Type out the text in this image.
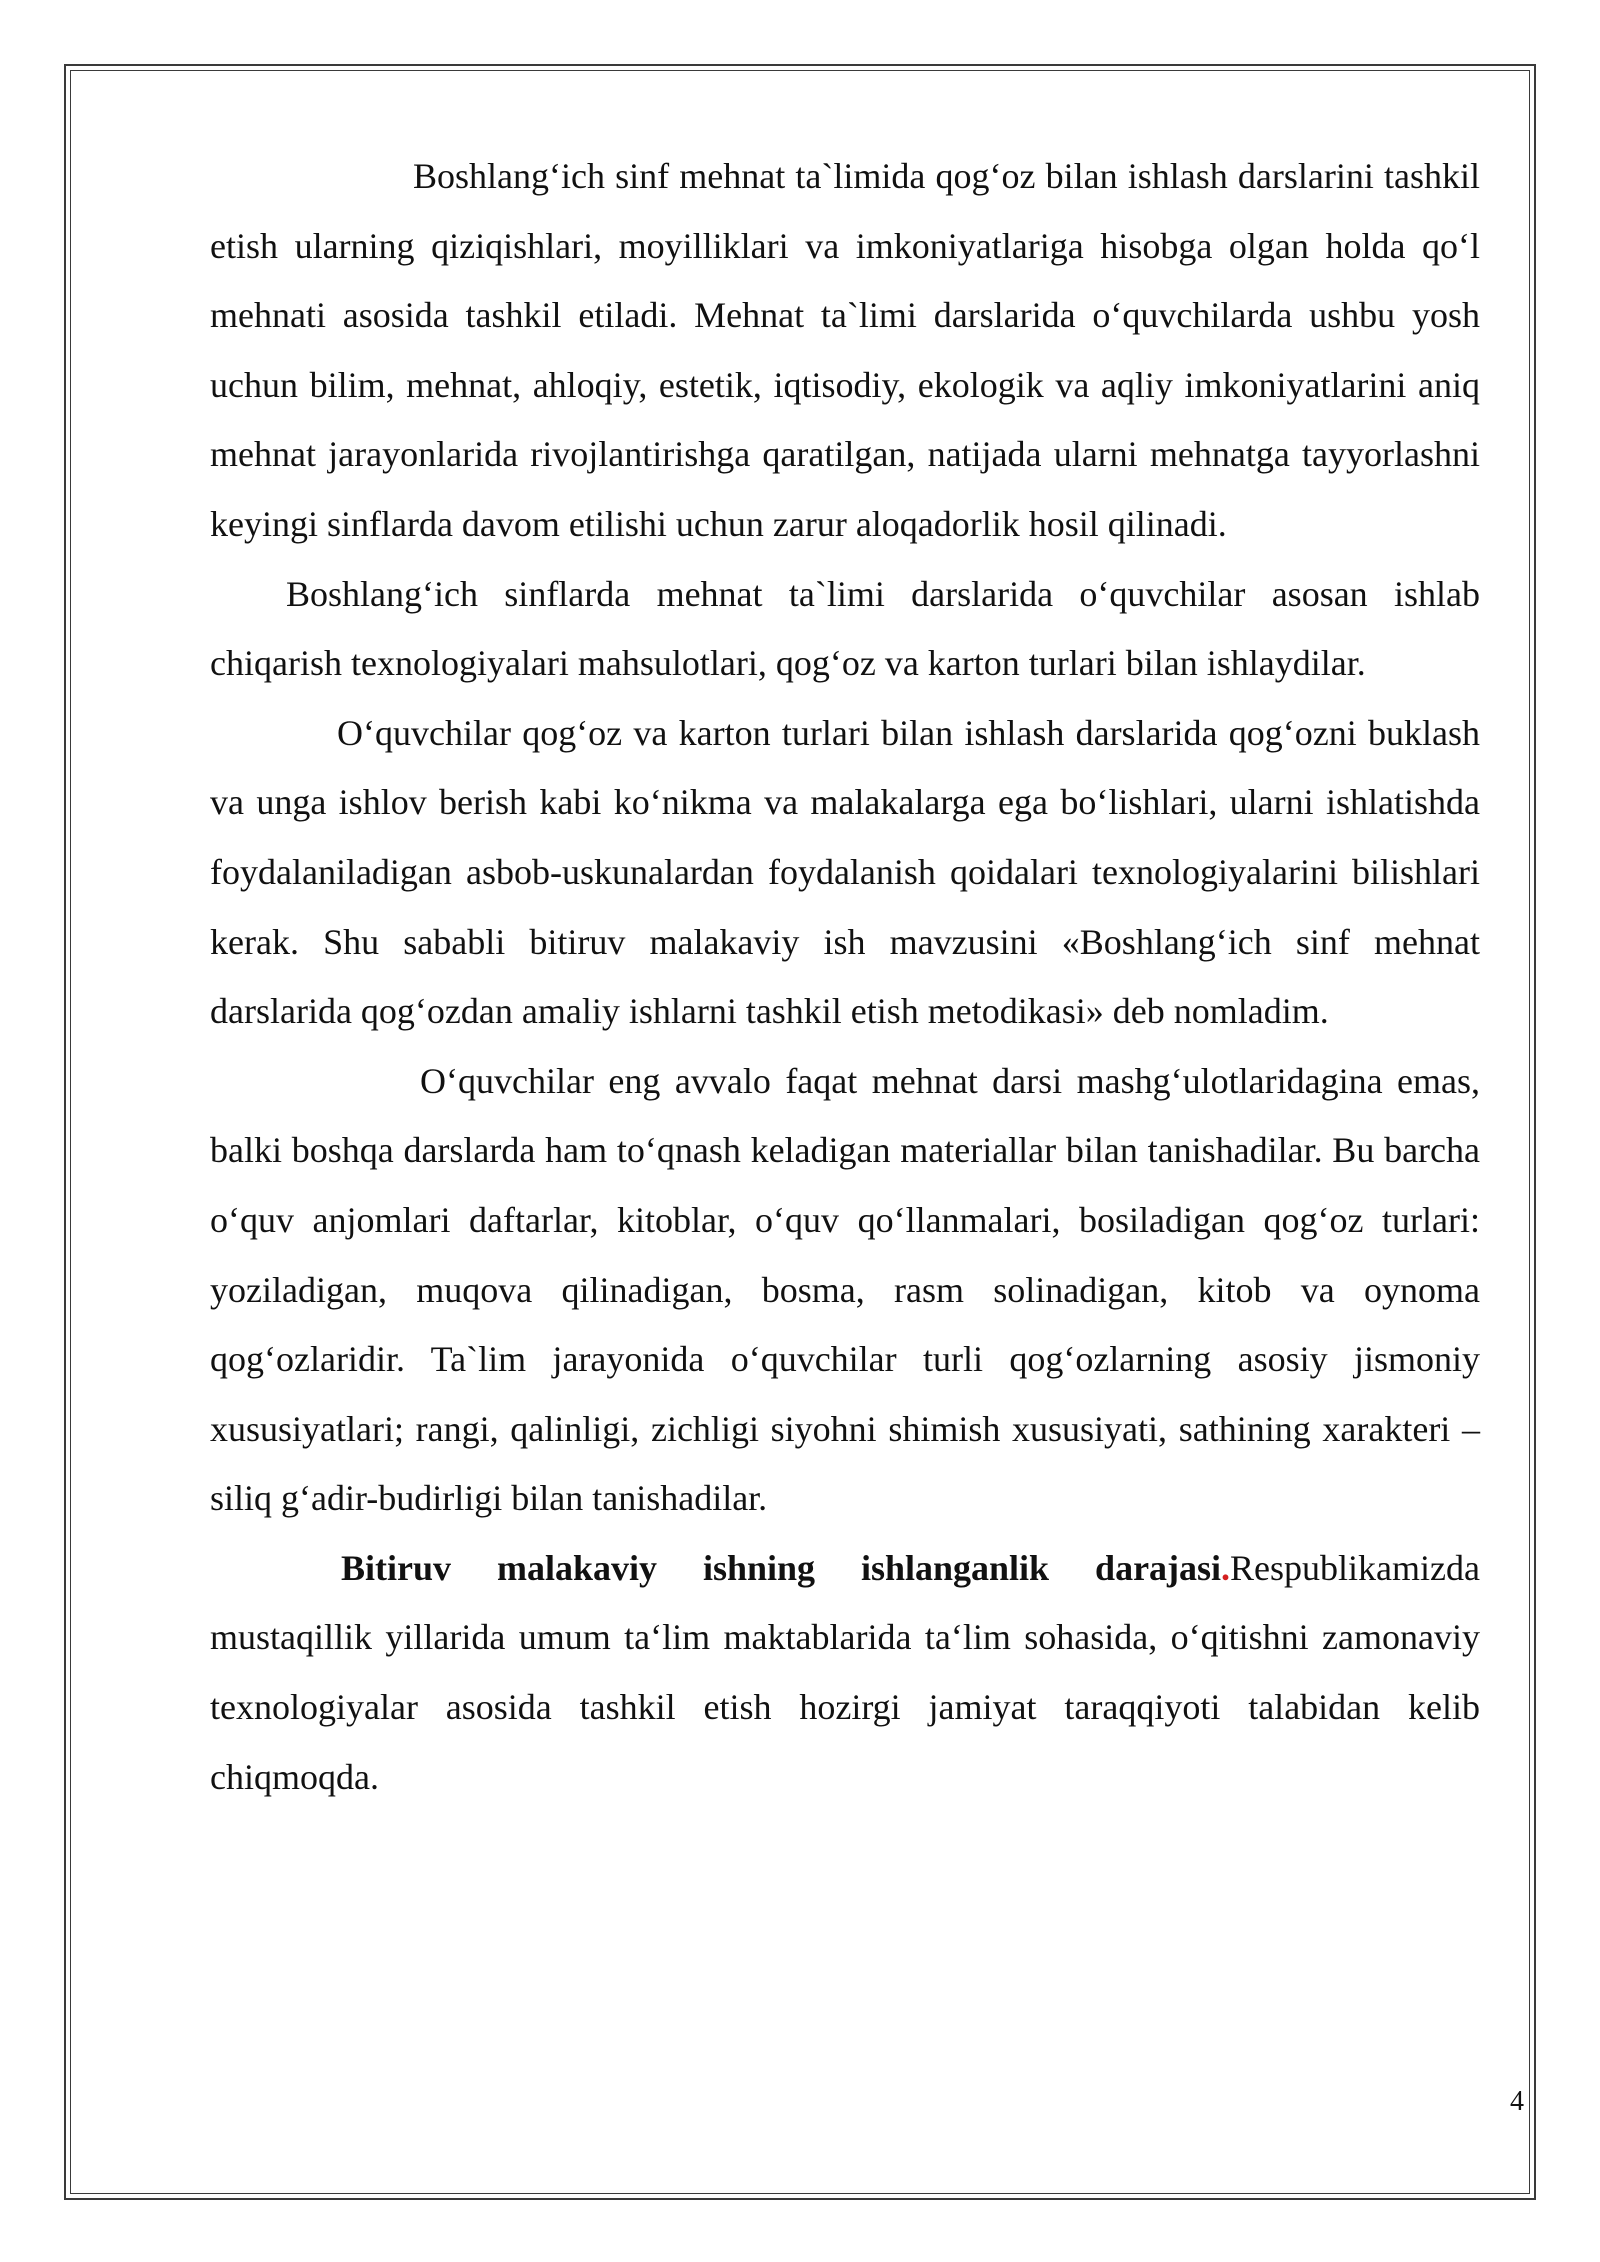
Boshlang‘ich sinf mehnat ta`limida qog‘oz bilan ishlash darslarini tashkil etish ularning qiziqishlari, moyilliklari va imkoniyatlariga hisobga olgan holda qo‘l mehnati asosida tashkil etiladi. Mehnat ta`limi darslarida o‘quvchilarda ushbu yosh uchun bilim, mehnat, ahloqiy, estetik, iqtisodiy, ekologik va aqliy imkoniyatlarini aniq mehnat jarayonlarida rivojlantirishga qaratilgan, natijada ularni mehnatga tayyorlashni keyingi sinflarda davom etilishi uchun zarur aloqadorlik hosil qilinadi.

Boshlang‘ich sinflarda mehnat ta`limi darslarida o‘quvchilar asosan ishlab chiqarish texnologiyalari mahsulotlari, qog‘oz va karton turlari bilan ishlaydilar.

O‘quvchilar qog‘oz va karton turlari bilan ishlash darslarida qog‘ozni buklash va unga ishlov berish kabi ko‘nikma va malakalarga ega bo‘lishlari, ularni ishlatishda foydalaniladigan asbob-uskunalardan foydalanish qoidalari texnologiyalarini bilishlari kerak. Shu sababli bitiruv malakaviy ish mavzusini «Boshlang‘ich sinf mehnat darslarida qog‘ozdan amaliy ishlarni tashkil etish metodikasi» deb nomladim.

O‘quvchilar eng avvalo faqat mehnat darsi mashg‘ulotlaridagina emas, balki boshqa darslarda ham to‘qnash keladigan materiallar bilan tanishadilar. Bu barcha o‘quv anjomlari daftarlar, kitoblar, o‘quv qo‘llanmalari, bosiladigan qog‘oz turlari: yoziladigan, muqova qilinadigan, bosma, rasm solinadigan, kitob va oynoma qog‘ozlaridir. Ta`lim jarayonida o‘quvchilar turli qog‘ozlarning asosiy jismoniy xususiyatlari; rangi, qalinligi, zichligi siyohni shimish xususiyati, sathining xarakteri – siliq g‘adir-budirligi bilan tanishadilar.

Bitiruv malakaviy ishning ishlanganlik darajasi.Respublikamizda mustaqillik yillarida umum ta‘lim maktablarida ta‘lim sohasida, o‘qitishni zamonaviy texnologiyalar asosida tashkil etish hozirgi jamiyat taraqqiyoti talabidan kelib chiqmoqda.

4
